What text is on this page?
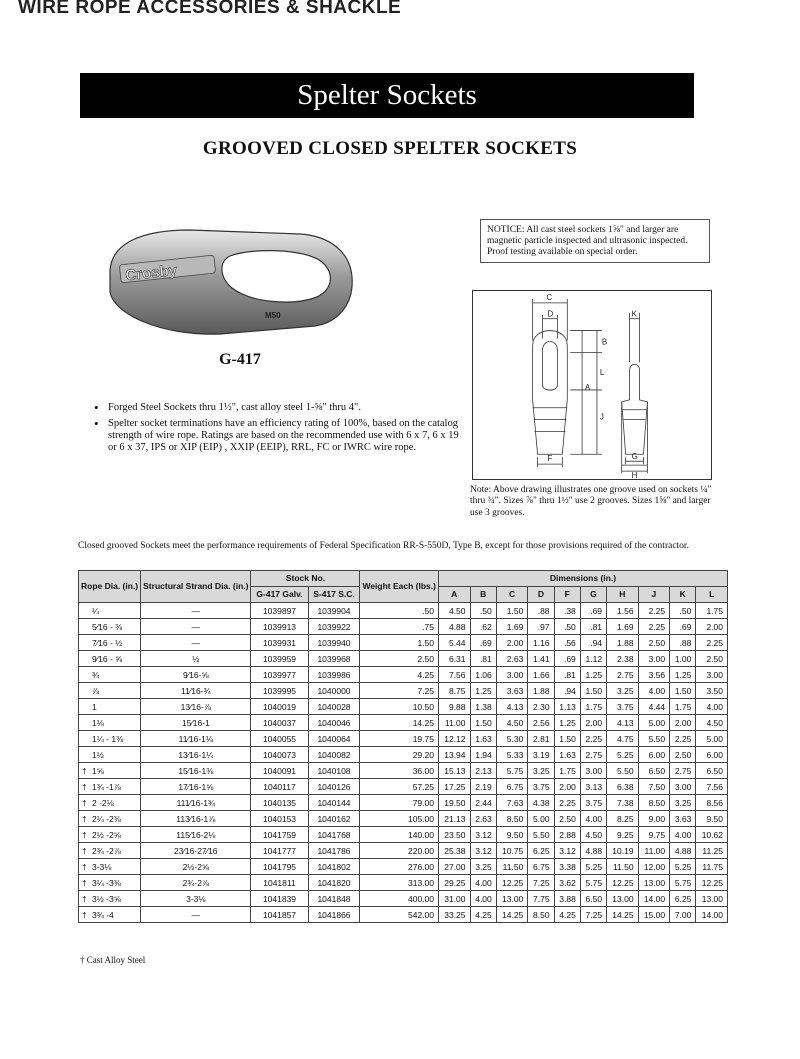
WIRE ROPE ACCESSORIES & SHACKLE
Spelter Sockets
GROOVED CLOSED SPELTER SOCKETS
Crosby
M50
G-417
• Forged Steel Sockets thru 1½", cast alloy steel 1-⅝" thru 4".
• Spelter socket terminations have an efficiency rating of 100%, based on the catalog strength of wire rope. Ratings are based on the recommended use with 6 x 7, 6 x 19 or 6 x 37, IPS or XIP (EIP) , XXIP (EEIP), RRL, FC or IWRC wire rope.
NOTICE: All cast steel sockets 1⅝" and larger are magnetic particle inspected and ultrasonic inspected. Proof testing available on special order.
C
D	K
B
L
A
J
F	G
H
Note: Above drawing illustrates one groove used on sockets ¼" thru ¾". Sizes ⅞" thru 1½" use 2 grooves. Sizes 1⅝" and larger use 3 grooves.
Closed grooved Sockets meet the performance requirements of Federal Specification RR-S-550D, Type B, except for those provisions required of the contractor.
Rope Dia. (in.)	Structural Strand Dia. (in.)	Stock No.		Weight Each (lbs.)	Dimensions (in.)									
		G-417 Galv.	S-417 S.C.		A	B	C	D	F	G	H	J	K	L
¼	—	1039897	1039904	.50	4.50	.50	1.50	.88	.38	.69	1.56	2.25	.50	1.75
5⁄16 - ⅜	—	1039913	1039922	.75	4.88	.62	1.69	.97	.50	.81	1.69	2.25	.69	2.00
7⁄16 - ½	—	1039931	1039940	1.50	5.44	.69	2.00	1.16	.56	.94	1.88	2.50	.88	2.25
9⁄16 - ⅝	½	1039959	1039968	2.50	6.31	.81	2.63	1.41	.69	1.12	2.38	3.00	1.00	2.50
¾	9⁄16-⅝	1039977	1039986	4.25	7.56	1.06	3.00	1.66	.81	1.25	2.75	3.56	1.25	3.00
⅞	11⁄16-¾	1039995	1040000	7.25	8.75	1.25	3.63	1.88	.94	1.50	3.25	4.00	1.50	3.50
1	13⁄16-⅞	1040019	1040028	10.50	9.88	1.38	4.13	2.30	1.13	1.75	3.75	4.44	1.75	4.00
1⅛	15⁄16-1	1040037	1040046	14.25	11.00	1.50	4.50	2.56	1.25	2.00	4.13	5.00	2.00	4.50
1¼ - 1⅜	11⁄16-1⅛	1040055	1040064	19.75	12.12	1.63	5.30	2.81	1.50	2.25	4.75	5.50	2.25	5.00
1½	13⁄16-1¼	1040073	1040082	29.20	13.94	1.94	5.33	3.19	1.63	2.75	5.25	6.00	2.50	6.00
† 1⅝	15⁄16-1⅜	1040091	1040108	36.00	15.13	2.13	5.75	3.25	1.75	3.00	5.50	6.50	2.75	6.50
† 1¾ -1⅞	17⁄16-1⅝	1040117	1040126	57.25	17.25	2.19	6.75	3.75	2.00	3.13	6.38	7.50	3.00	7.56
† 2 -2⅛	111⁄16-1¾	1040135	1040144	79.00	19.50	2.44	7.63	4.38	2.25	3.75	7.38	8.50	3.25	8.56
† 2¼ -2⅜	113⁄16-1⅞	1040153	1040162	105.00	21.13	2.63	8.50	5.00	2.50	4.00	8.25	9.00	3.63	9.50
† 2½ -2⅝	115⁄16-2⅛	1041759	1041768	140.00	23.50	3.12	9.50	5.50	2.88	4.50	9.25	9.75	4.00	10.62
† 2¾ -2⅞	23⁄16-27⁄16	1041777	1041786	220.00	25.38	3.12	10.75	6.25	3.12	4.88	10.19	11.00	4.88	11.25
† 3-3⅛	2½-2⅝	1041795	1041802	276.00	27.00	3.25	11.50	6.75	3.38	5.25	11.50	12.00	5.25	11.75
† 3¼ -3⅜	2¾-2⅞	1041811	1041820	313.00	29.25	4.00	12.25	7.25	3.62	5.75	12.25	13.00	5.75	12.25
† 3½ -3⅝	3-3⅛	1041839	1041848	400.00	31.00	4.00	13.00	7.75	3.88	6.50	13.00	14.00	6.25	13.00
† 3¾ -4	—	1041857	1041866	542.00	33.25	4.25	14.25	8.50	4.25	7.25	14.25	15.00	7.00	14.00
† Cast Alloy Steel
